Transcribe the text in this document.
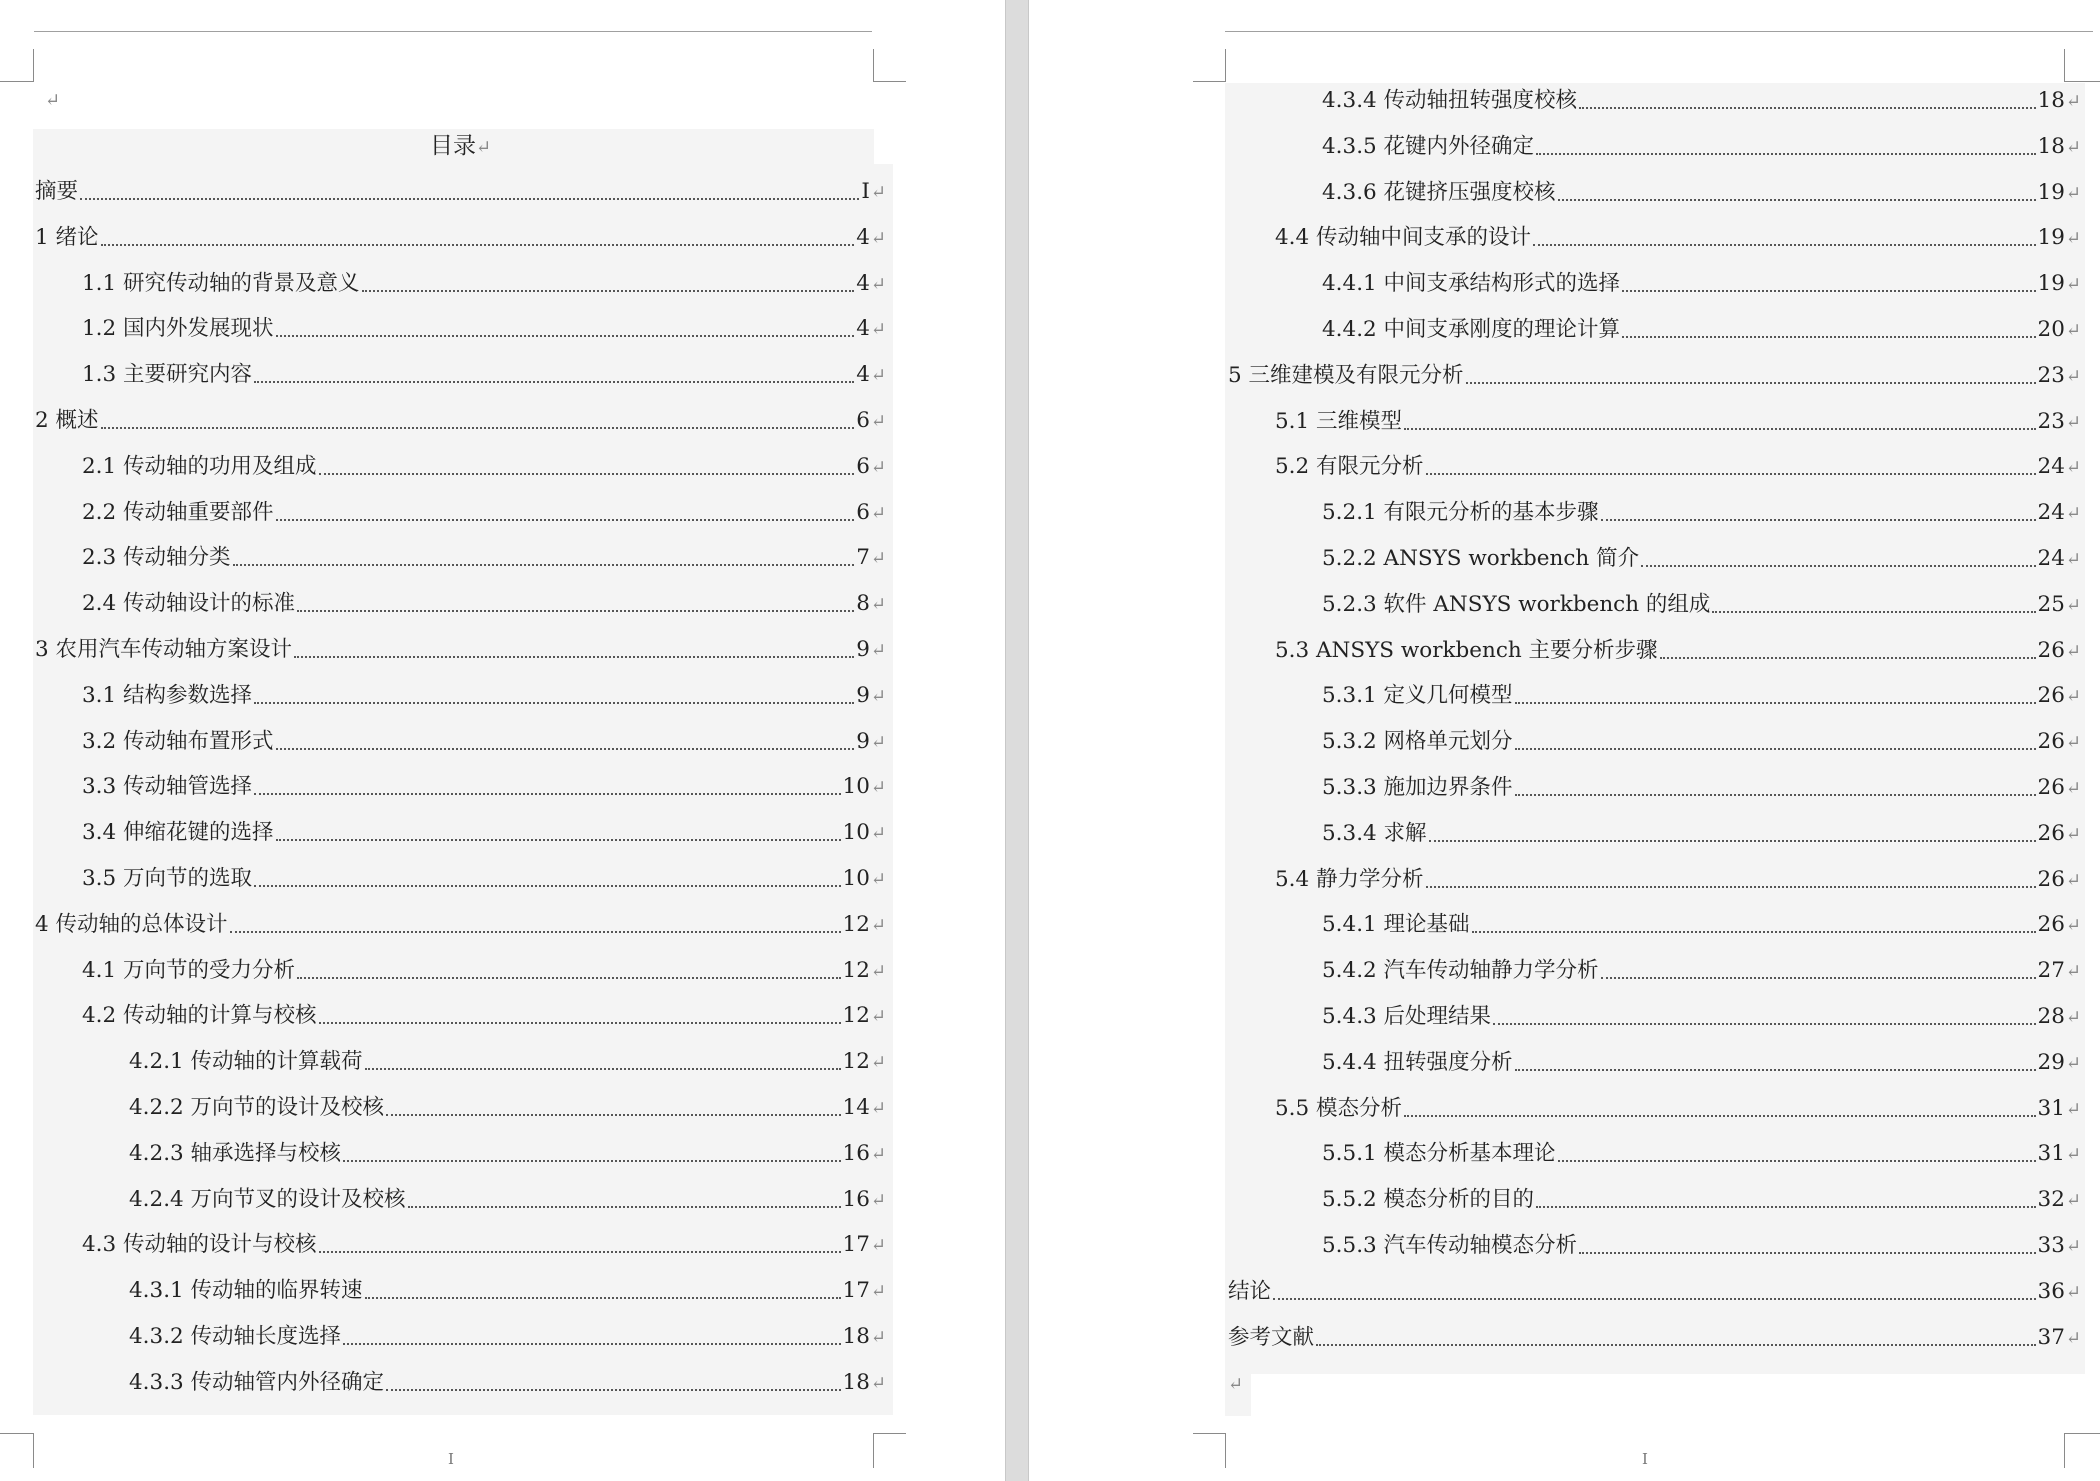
↵
目录↵
摘要	I ↵
1 绪论	4 ↵
1.1 研究传动轴的背景及意义	4 ↵
1.2 国内外发展现状	4 ↵
1.3 主要研究内容	4 ↵
2 概述	6 ↵
2.1 传动轴的功用及组成	6 ↵
2.2 传动轴重要部件	6 ↵
2.3 传动轴分类	7 ↵
2.4 传动轴设计的标准	8 ↵
3 农用汽车传动轴方案设计	9 ↵
3.1 结构参数选择	9 ↵
3.2 传动轴布置形式	9 ↵
3.3 传动轴管选择	10 ↵
3.4 伸缩花键的选择	10 ↵
3.5 万向节的选取	10 ↵
4 传动轴的总体设计	12 ↵
4.1 万向节的受力分析	12 ↵
4.2 传动轴的计算与校核	12 ↵
4.2.1 传动轴的计算载荷	12 ↵
4.2.2 万向节的设计及校核	14 ↵
4.2.3 轴承选择与校核	16 ↵
4.2.4 万向节叉的设计及校核	16 ↵
4.3 传动轴的设计与校核	17 ↵
4.3.1 传动轴的临界转速	17 ↵
4.3.2 传动轴长度选择	18 ↵
4.3.3 传动轴管内外径确定	18 ↵
I
4.3.4 传动轴扭转强度校核	18 ↵
4.3.5 花键内外径确定	18 ↵
4.3.6 花键挤压强度校核	19 ↵
4.4 传动轴中间支承的设计	19 ↵
4.4.1 中间支承结构形式的选择	19 ↵
4.4.2 中间支承刚度的理论计算	20 ↵
5 三维建模及有限元分析	23 ↵
5.1 三维模型	23 ↵
5.2 有限元分析	24 ↵
5.2.1 有限元分析的基本步骤	24 ↵
5.2.2 ANSYS workbench 简介	24 ↵
5.2.3 软件 ANSYS workbench 的组成	25 ↵
5.3 ANSYS workbench 主要分析步骤	26 ↵
5.3.1 定义几何模型	26 ↵
5.3.2 网格单元划分	26 ↵
5.3.3 施加边界条件	26 ↵
5.3.4 求解	26 ↵
5.4 静力学分析	26 ↵
5.4.1 理论基础	26 ↵
5.4.2 汽车传动轴静力学分析	27 ↵
5.4.3 后处理结果	28 ↵
5.4.4 扭转强度分析	29 ↵
5.5 模态分析	31 ↵
5.5.1 模态分析基本理论	31 ↵
5.5.2 模态分析的目的	32 ↵
5.5.3 汽车传动轴模态分析	33 ↵
结论	36 ↵
参考文献	37 ↵
↵
I
